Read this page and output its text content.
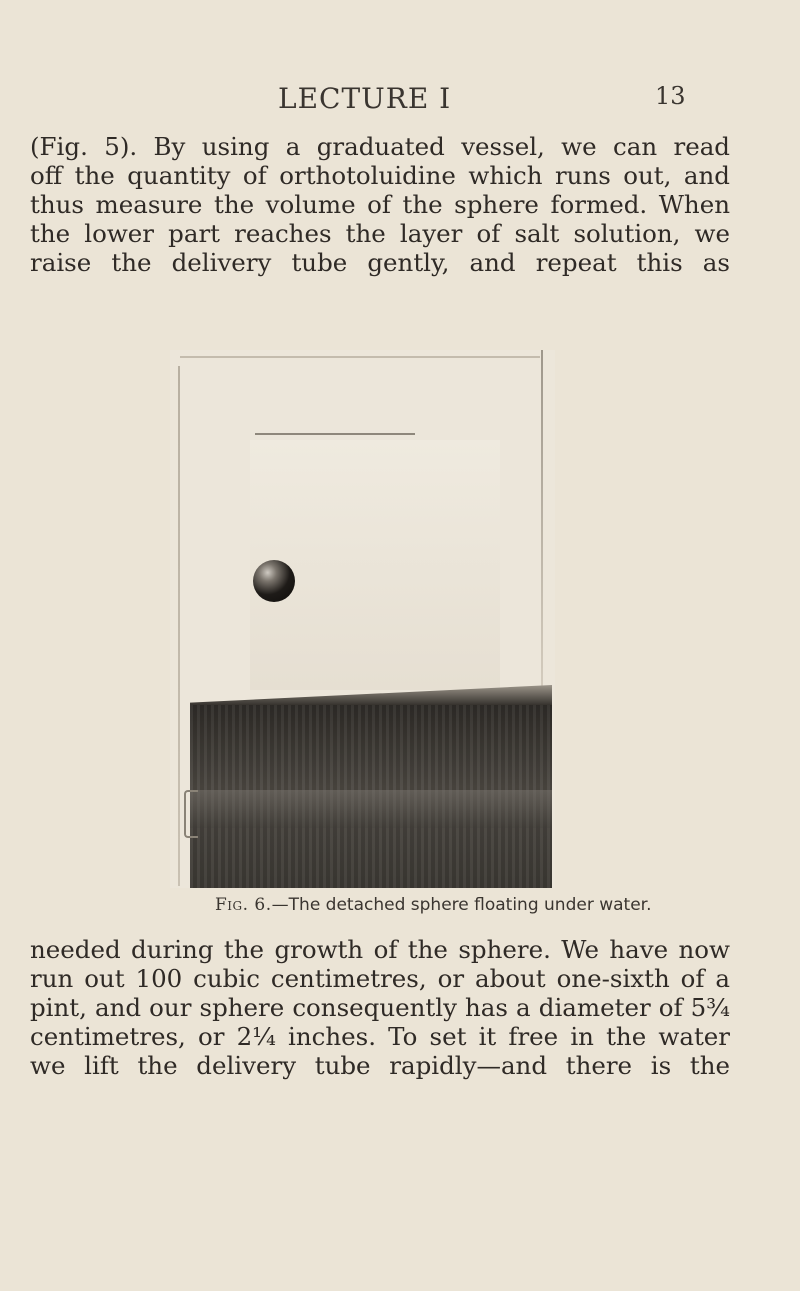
LECTURE I	13
(Fig. 5). By using a graduated vessel, we can read
off the quantity of orthotoluidine which runs out, and
thus measure the volume of the sphere formed. When
the lower part reaches the layer of salt solution, we
raise the delivery tube gently, and repeat this as
Fig. 6.—The detached sphere floating under water.
needed during the growth of the sphere. We have now
run out 100 cubic centimetres, or about one-sixth of a
pint, and our sphere consequently has a diameter of 5¾
centimetres, or 2¼ inches. To set it free in the water
we lift the delivery tube rapidly—and there is the
